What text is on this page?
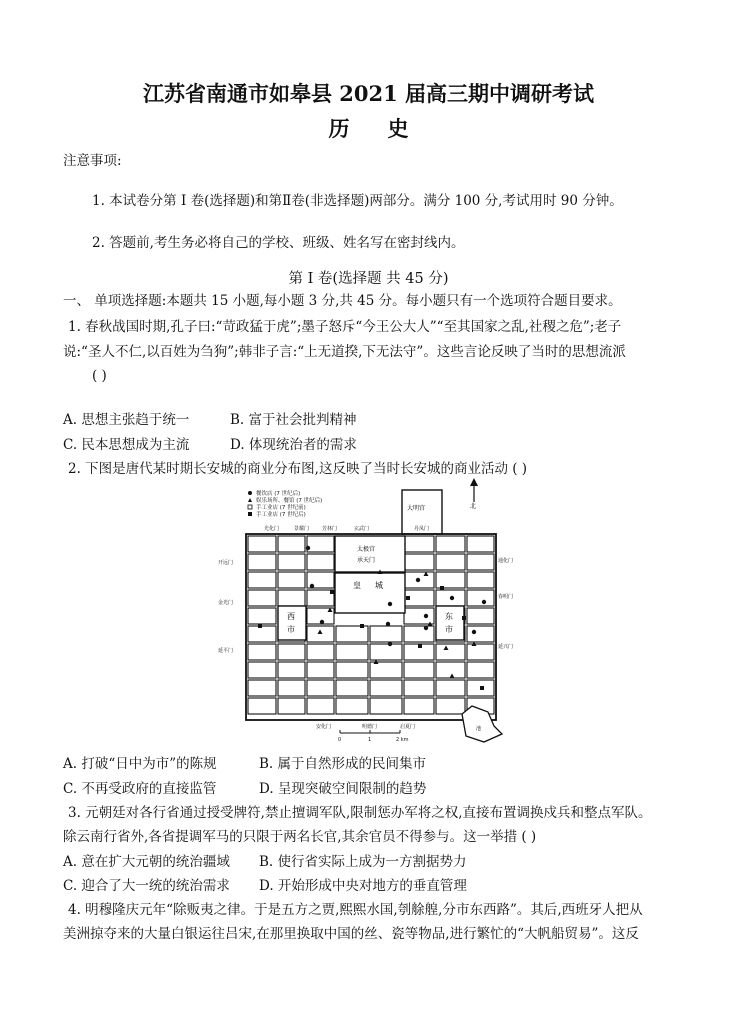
江苏省南通市如皋县 2021 届高三期中调研考试
历史
注意事项:
1. 本试卷分第 I 卷(选择题)和第Ⅱ卷(非选择题)两部分。满分 100 分,考试用时 90 分钟。
2. 答题前,考生务必将自己的学校、班级、姓名写在密封线内。
第 I 卷(选择题 共 45 分)
一、 单项选择题:本题共 15 小题,每小题 3 分,共 45 分。每小题只有一个选项符合题目要求。
1. 春秋战国时期,孔子曰:“苛政猛于虎”;墨子怒斥“今王公大人”“至其国家之乱,社稷之危”;老子
说:“圣人不仁,以百姓为刍狗”;韩非子言:“上无道揆,下无法守”。这些言论反映了当时的思想流派
( )
A. 思想主张趋于统一	B. 富于社会批判精神
C. 民本思想成为主流	D. 体现统治者的需求
2. 下图是唐代某时期长安城的商业分布图,这反映了当时长安城的商业活动 ( )
餐饮店 (7 世纪后)
娱乐场所、餐馆 (7 世纪后)
手工业店 (7 世纪前)
手工业店 (7 世纪后)
北
大明宫
太极宫
承天门
皇 城
西
市
东
市
光化门	景耀门	芳林门	玄武门	丹凤门
开远门
金光门
延平门
通化门
春明门
延兴门
安化门	明德门	启夏门
0	1	2 km
池
A. 打破“日中为市”的陈规	B. 属于自然形成的民间集市
C. 不再受政府的直接监管	D. 呈现突破空间限制的趋势
3. 元朝廷对各行省通过授受牌符,禁止擅调军队,限制惩办军将之权,直接布置调换戍兵和整点军队。
除云南行省外,各省提调军马的只限于两名长官,其余官员不得参与。这一举措 ( )
A. 意在扩大元朝的统治疆域 B. 使行省实际上成为一方割据势力
C. 迎合了大一统的统治需求 D. 开始形成中央对地方的垂直管理
4. 明穆隆庆元年“除贩夷之律。于是五方之贾,熙熙水国,刳艅艎,分市东西路”。其后,西班牙人把从
美洲掠夺来的大量白银运往吕宋,在那里换取中国的丝、瓷等物品,进行繁忙的“大帆船贸易”。这反
